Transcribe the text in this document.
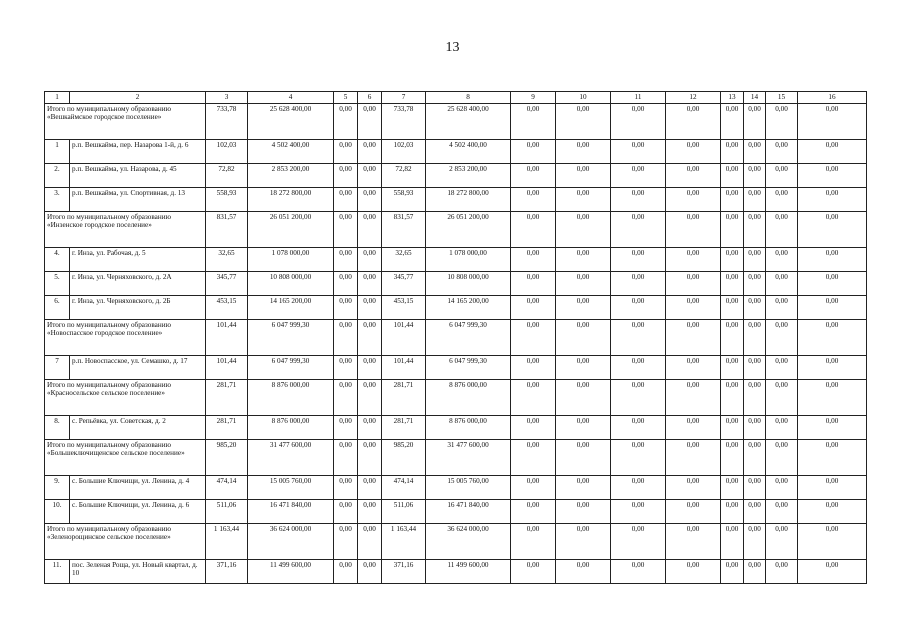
13
1	2	3	4	5	6	7	8	9	10	11	12	13	14	15	16
Итого по муниципальному образованию «Вешкаймское городское поселение»		733,78	25 628 400,00	0,00	0,00	733,78	25 628 400,00	0,00	0,00	0,00	0,00	0,00	0,00	0,00	0,00
1	р.п. Вешкайма, пер. Назарова 1-й, д. 6	102,03	4 502 400,00	0,00	0,00	102,03	4 502 400,00	0,00	0,00	0,00	0,00	0,00	0,00	0,00	0,00
2.	р.п. Вешкайма, ул. Назарова, д. 45	72,82	2 853 200,00	0,00	0,00	72,82	2 853 200,00	0,00	0,00	0,00	0,00	0,00	0,00	0,00	0,00
3.	р.п. Вешкайма, ул. Спортивная, д. 13	558,93	18 272 800,00	0,00	0,00	558,93	18 272 800,00	0,00	0,00	0,00	0,00	0,00	0,00	0,00	0,00
Итого по муниципальному образованию «Инзенское городское поселение»		831,57	26 051 200,00	0,00	0,00	831,57	26 051 200,00	0,00	0,00	0,00	0,00	0,00	0,00	0,00	0,00
4.	г. Инза, ул. Рабочая, д. 5	32,65	1 078 000,00	0,00	0,00	32,65	1 078 000,00	0,00	0,00	0,00	0,00	0,00	0,00	0,00	0,00
5.	г. Инза, ул. Черняховского, д. 2А	345,77	10 808 000,00	0,00	0,00	345,77	10 808 000,00	0,00	0,00	0,00	0,00	0,00	0,00	0,00	0,00
6.	г. Инза, ул. Черняховского, д. 2Б	453,15	14 165 200,00	0,00	0,00	453,15	14 165 200,00	0,00	0,00	0,00	0,00	0,00	0,00	0,00	0,00
Итого по муниципальному образованию «Новоспасское городское поселение»		101,44	6 047 999,30	0,00	0,00	101,44	6 047 999,30	0,00	0,00	0,00	0,00	0,00	0,00	0,00	0,00
7	р.п. Новоспасское, ул. Семашко, д. 17	101,44	6 047 999,30	0,00	0,00	101,44	6 047 999,30	0,00	0,00	0,00	0,00	0,00	0,00	0,00	0,00
Итого по муниципальному образованию «Красносельское сельское поселение»		281,71	8 876 000,00	0,00	0,00	281,71	8 876 000,00	0,00	0,00	0,00	0,00	0,00	0,00	0,00	0,00
8.	с. Репьёвка, ул. Советская, д. 2	281,71	8 876 000,00	0,00	0,00	281,71	8 876 000,00	0,00	0,00	0,00	0,00	0,00	0,00	0,00	0,00
Итого по муниципальному образованию «Большеключищенское сельское поселение»		985,20	31 477 600,00	0,00	0,00	985,20	31 477 600,00	0,00	0,00	0,00	0,00	0,00	0,00	0,00	0,00
9.	с. Большие Ключищи, ул. Ленина, д. 4	474,14	15 005 760,00	0,00	0,00	474,14	15 005 760,00	0,00	0,00	0,00	0,00	0,00	0,00	0,00	0,00
10.	с. Большие Ключищи, ул. Ленина, д. 6	511,06	16 471 840,00	0,00	0,00	511,06	16 471 840,00	0,00	0,00	0,00	0,00	0,00	0,00	0,00	0,00
Итого по муниципальному образованию «Зеленорощинское сельское поселение»		1 163,44	36 624 000,00	0,00	0,00	1 163,44	36 624 000,00	0,00	0,00	0,00	0,00	0,00	0,00	0,00	0,00
11.	пос. Зеленая Роща, ул. Новый квартал, д. 10	371,16	11 499 600,00	0,00	0,00	371,16	11 499 600,00	0,00	0,00	0,00	0,00	0,00	0,00	0,00	0,00
